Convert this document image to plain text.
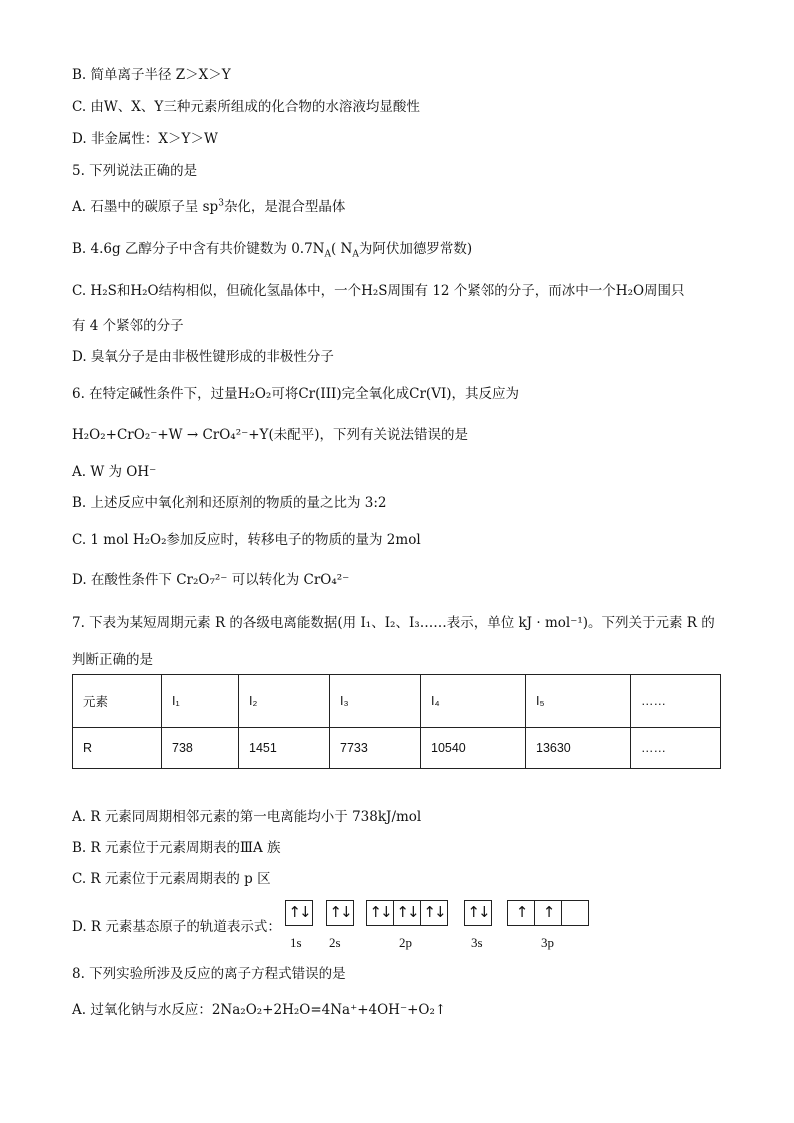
B. 简单离子半径 Z＞X＞Y
C. 由W、X、Y三种元素所组成的化合物的水溶液均显酸性
D. 非金属性：X＞Y＞W
5. 下列说法正确的是
A. 石墨中的碳原子呈 $sp^3$杂化，是混合型晶体
B. 4.6g 乙醇分子中含有共价键数为 $0.7N_A$( $N_A$为阿伏加德罗常数)
C. H₂S和H₂O结构相似，但硫化氢晶体中，一个H₂S周围有 12 个紧邻的分子，而冰中一个H₂O周围只
有 4 个紧邻的分子
D. 臭氧分子是由非极性键形成的非极性分子
6. 在特定碱性条件下，过量H₂O₂可将Cr(III)完全氧化成Cr(VI)，其反应为
H₂O₂+CrO₂⁻+W → CrO₄²⁻+Y(未配平)，下列有关说法错误的是
A. W 为 OH⁻
B. 上述反应中氧化剂和还原剂的物质的量之比为 3:2
C. 1 mol H₂O₂参加反应时，转移电子的物质的量为 2mol
D. 在酸性条件下 Cr₂O₇²⁻ 可以转化为 CrO₄²⁻
7. 下表为某短周期元素 R 的各级电离能数据(用 I₁、I₂、I₃……表示，单位 kJ · mol⁻¹)。下列关于元素 R 的
判断正确的是
元素	I₁	I₂	I₃	I₄	I₅	……
R	738	1451	7733	10540	13630	……
A. R 元素同周期相邻元素的第一电离能均小于 738kJ/mol
B. R 元素位于元素周期表的ⅢA 族
C. R 元素位于元素周期表的 p 区
D. R 元素基态原子的轨道表示式：
↑↓ ↑↓ ↑↓ ↑↓ ↑↓ ↑↓	↑	↑
1s 2s	2p	3s	3p
8. 下列实验所涉及反应的离子方程式错误的是
A. 过氧化钠与水反应：2Na₂O₂+2H₂O=4Na⁺+4OH⁻+O₂↑
